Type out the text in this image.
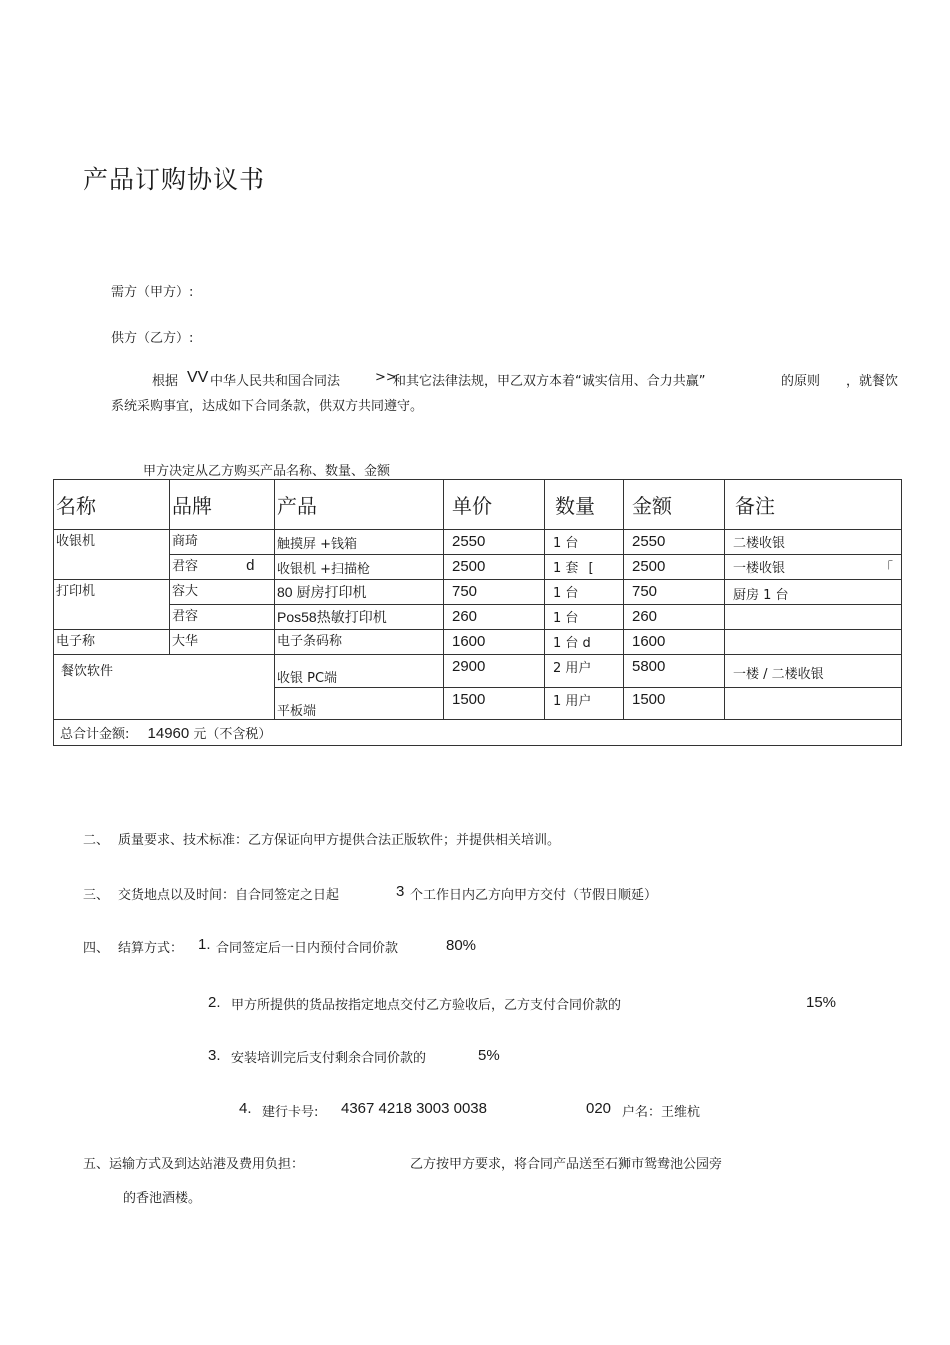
产品订购协议书
需方（甲方）:
供方（乙方）:
根据 VV 中华人民共和国合同法	>>
和其它法律法规，甲乙双方本着“诚实信用、合力共赢”	的原则 ，就餐饮
系统采购事宜，达成如下合同条款，供双方共同遵守。
甲方决定从乙方购买产品名称、数量、金额
名称	品牌	产品	单价	数量	金额	备注
收银机	商琦	触摸屏 +钱箱	2550	1 台	2550	二楼收银
	君容 d	收银机 +扫描枪	2500	1 套 [	2500	一楼收银 「

打印机	容大	80 厨房打印机	750	1 台	750	厨房 1 台
	君容	Pos58热敏打印机	260	1 台	260	
电子称	大华	电子条码称	1600	1 台 d	1600	
餐饮软件		收银 PC端	2900	2 用户	5800	一楼 / 二楼收银
		平板端	1500	1 用户	1500	
总合计金额: 14960 元（不含税）						
二、 质量要求、技术标准：乙方保证向甲方提供合法正版软件；并提供相关培训。
三、 交货地点以及时间：自合同签定之日起	3 个工作日内乙方向甲方交付（节假日顺延）
四、 结算方式： 1. 合同签定后一日内预付合同价款	80%
2. 甲方所提供的货品按指定地点交付乙方验收后，乙方支付合同价款的	15%
3. 安装培训完后支付剩余合同价款的	5%
4. 建行卡号: 4367 4218 3003 0038	020 户名：王维杭
五、运输方式及到达站港及费用负担：	乙方按甲方要求，将合同产品送至石狮市鸳鸯池公园旁
的香池酒楼。
